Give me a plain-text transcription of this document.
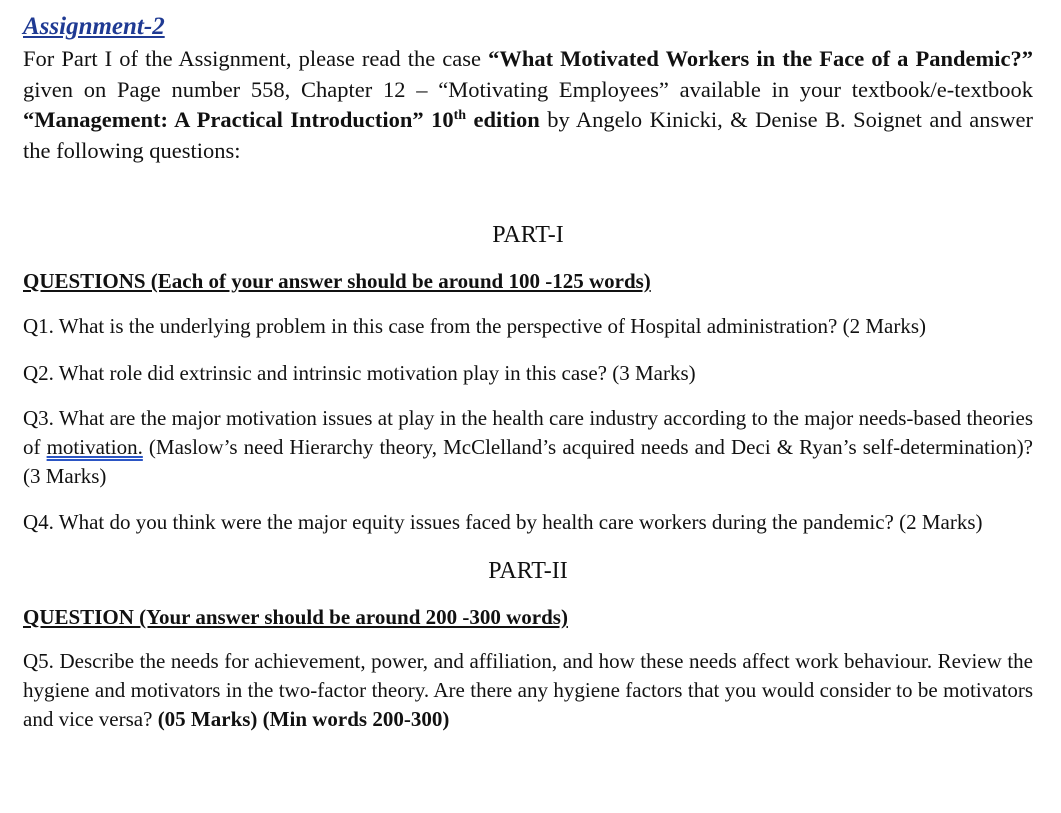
Assignment-2

For Part I of the Assignment, please read the case “What Motivated Workers in the Face of a Pandemic?” given on Page number 558, Chapter 12 – “Motivating Employees” available in your textbook/e-textbook “Management: A Practical Introduction” 10th edition by Angelo Kinicki, & Denise B. Soignet and answer the following questions:

PART-I

QUESTIONS (Each of your answer should be around 100 -125 words)

Q1. What is the underlying problem in this case from the perspective of Hospital administration? (2 Marks)

Q2. What role did extrinsic and intrinsic motivation play in this case? (3 Marks)

Q3. What are the major motivation issues at play in the health care industry according to the major needs-based theories of motivation. (Maslow’s need Hierarchy theory, McClelland’s acquired needs and Deci & Ryan’s self-determination)? (3 Marks)

Q4. What do you think were the major equity issues faced by health care workers during the pandemic? (2 Marks)

PART-II

QUESTION (Your answer should be around 200 -300 words)

Q5. Describe the needs for achievement, power, and affiliation, and how these needs affect work behaviour. Review the hygiene and motivators in the two-factor theory. Are there any hygiene factors that you would consider to be motivators and vice versa? (05 Marks) (Min words 200-300)
